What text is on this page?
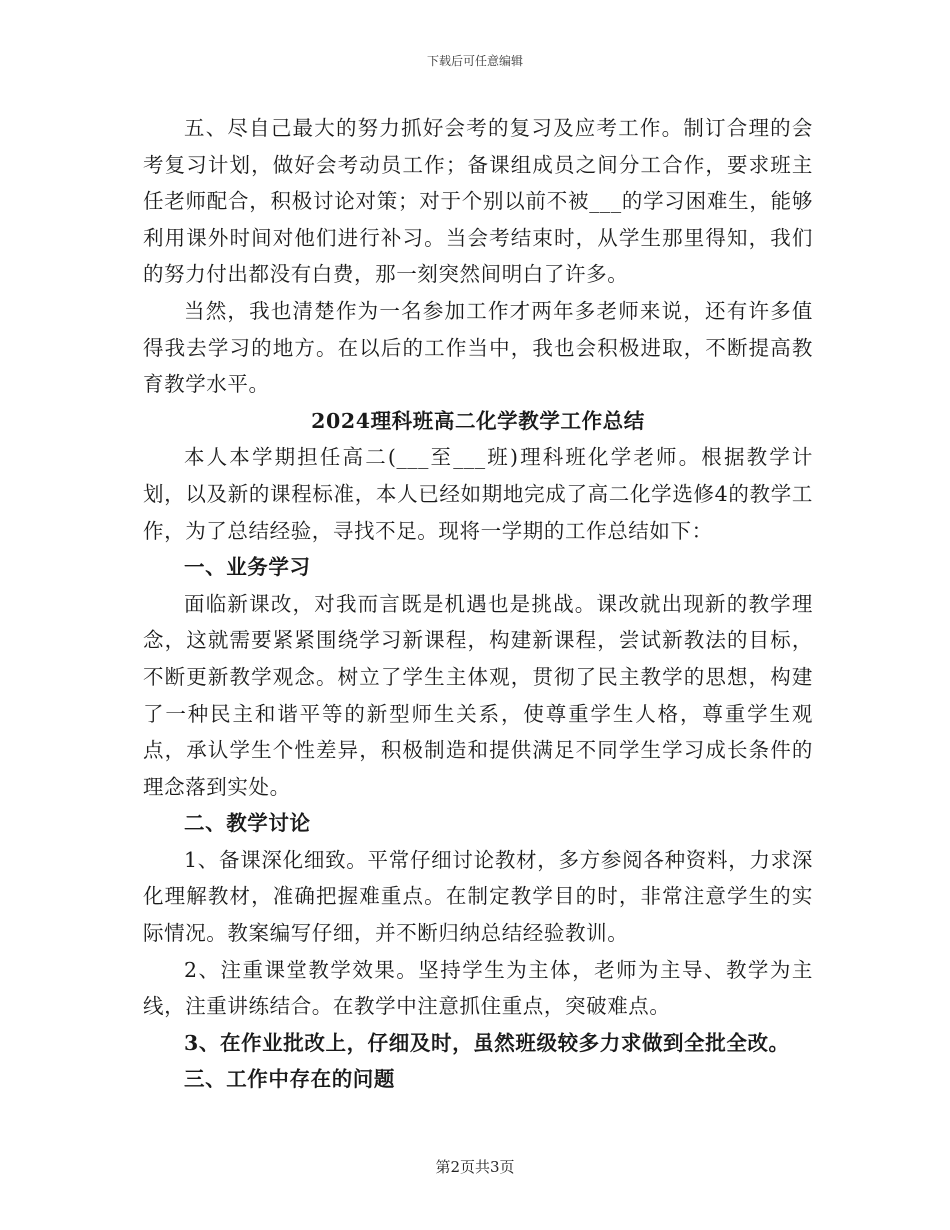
下载后可任意编辑

五、尽自己最大的努力抓好会考的复习及应考工作。制订合理的会考复习计划，做好会考动员工作；备课组成员之间分工合作，要求班主任老师配合，积极讨论对策；对于个别以前不被___的学习困难生，能够利用课外时间对他们进行补习。当会考结束时，从学生那里得知，我们的努力付出都没有白费，那一刻突然间明白了许多。

当然，我也清楚作为一名参加工作才两年多老师来说，还有许多值得我去学习的地方。在以后的工作当中，我也会积极进取，不断提高教育教学水平。

2024理科班高二化学教学工作总结

本人本学期担任高二(___至___班)理科班化学老师。根据教学计划，以及新的课程标准，本人已经如期地完成了高二化学选修4的教学工作，为了总结经验，寻找不足。现将一学期的工作总结如下：

一、业务学习

面临新课改，对我而言既是机遇也是挑战。课改就出现新的教学理念，这就需要紧紧围绕学习新课程，构建新课程，尝试新教法的目标，不断更新教学观念。树立了学生主体观，贯彻了民主教学的思想，构建了一种民主和谐平等的新型师生关系，使尊重学生人格，尊重学生观点，承认学生个性差异，积极制造和提供满足不同学生学习成长条件的理念落到实处。

二、教学讨论

1、备课深化细致。平常仔细讨论教材，多方参阅各种资料，力求深化理解教材，准确把握难重点。在制定教学目的时，非常注意学生的实际情况。教案编写仔细，并不断归纳总结经验教训。

2、注重课堂教学效果。坚持学生为主体，老师为主导、教学为主线，注重讲练结合。在教学中注意抓住重点，突破难点。

3、在作业批改上，仔细及时，虽然班级较多力求做到全批全改。

三、工作中存在的问题

第2页共3页
